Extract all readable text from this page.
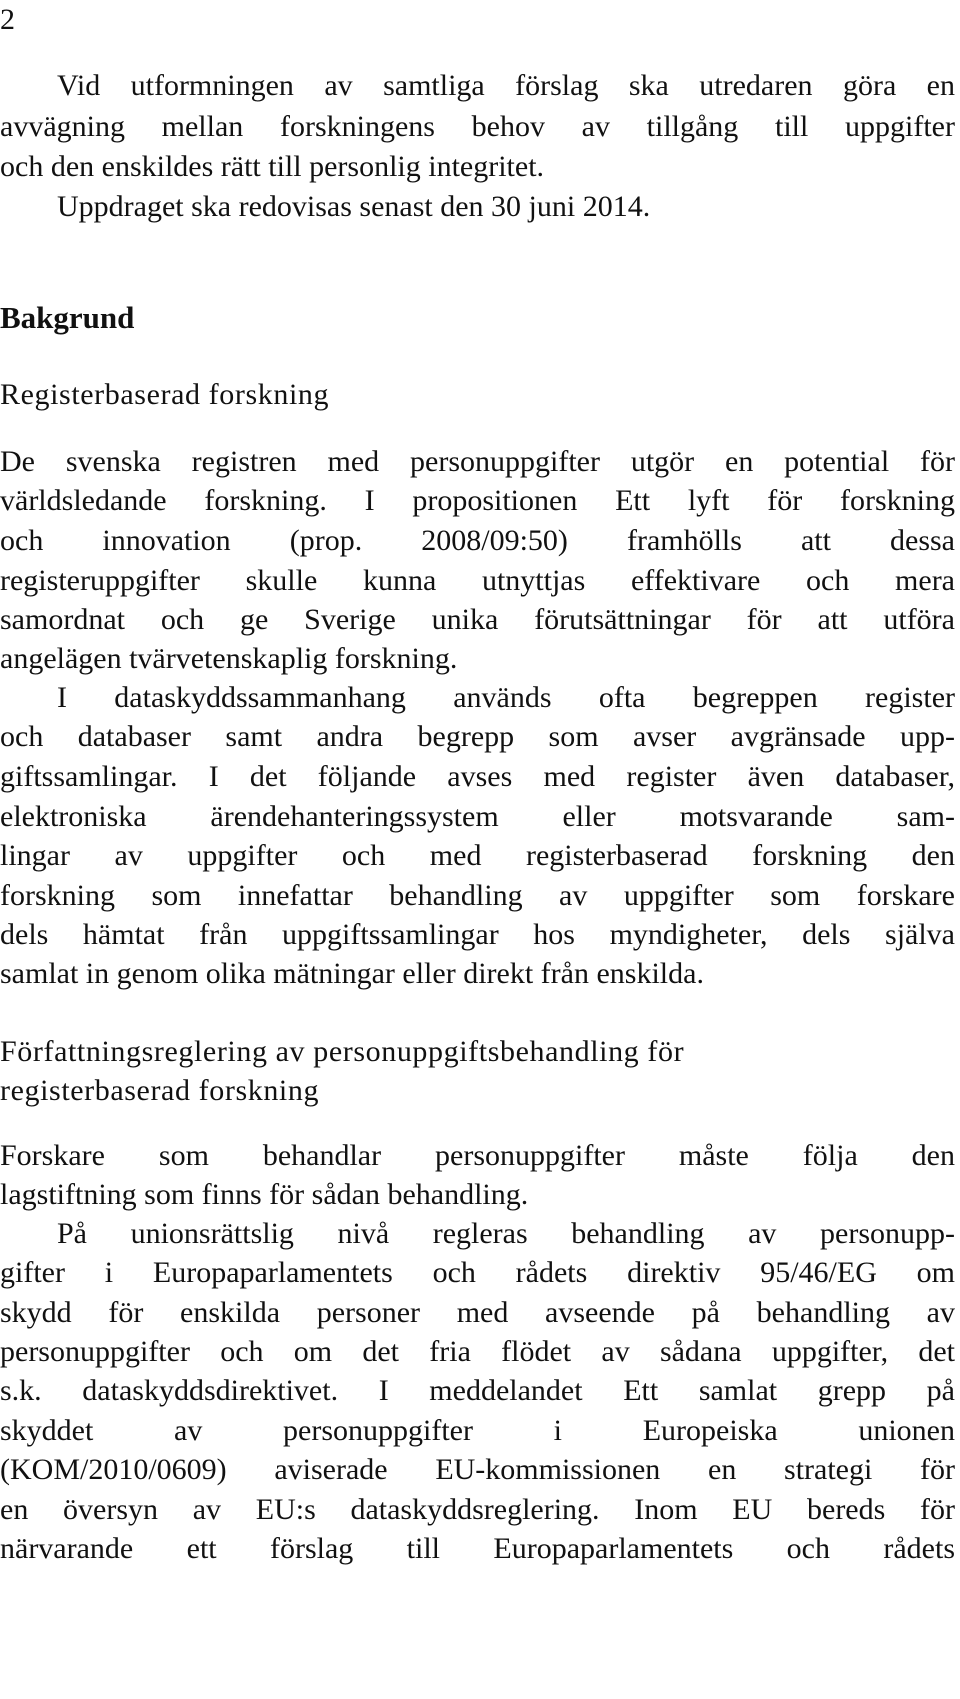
2
Vid utformningen av samtliga förslag ska utredaren göra en
avvägning mellan forskningens behov av tillgång till uppgifter
och den enskildes rätt till personlig integritet.
Uppdraget ska redovisas senast den 30 juni 2014.
Bakgrund
Registerbaserad forskning
De svenska registren med personuppgifter utgör en potential för
världsledande forskning. I propositionen Ett lyft för forskning
och innovation (prop. 2008/09:50) framhölls att dessa
registeruppgifter skulle kunna utnyttjas effektivare och mera
samordnat och ge Sverige unika förutsättningar för att utföra
angelägen tvärvetenskaplig forskning.
I dataskyddssammanhang används ofta begreppen register
och databaser samt andra begrepp som avser avgränsade upp-
giftssamlingar. I det följande avses med register även databaser,
elektroniska ärendehanteringssystem eller motsvarande sam-
lingar av uppgifter och med registerbaserad forskning den
forskning som innefattar behandling av uppgifter som forskare
dels hämtat från uppgiftssamlingar hos myndigheter, dels själva
samlat in genom olika mätningar eller direkt från enskilda.
Författningsreglering av personuppgiftsbehandling för
registerbaserad forskning
Forskare som behandlar personuppgifter måste följa den
lagstiftning som finns för sådan behandling.
På unionsrättslig nivå regleras behandling av personupp-
gifter i Europaparlamentets och rådets direktiv 95/46/EG om
skydd för enskilda personer med avseende på behandling av
personuppgifter och om det fria flödet av sådana uppgifter, det
s.k. dataskyddsdirektivet. I meddelandet Ett samlat grepp på
skyddet av personuppgifter i Europeiska unionen
(KOM/2010/0609) aviserade EU-kommissionen en strategi för
en översyn av EU:s dataskyddsreglering. Inom EU bereds för
närvarande ett förslag till Europaparlamentets och rådets
